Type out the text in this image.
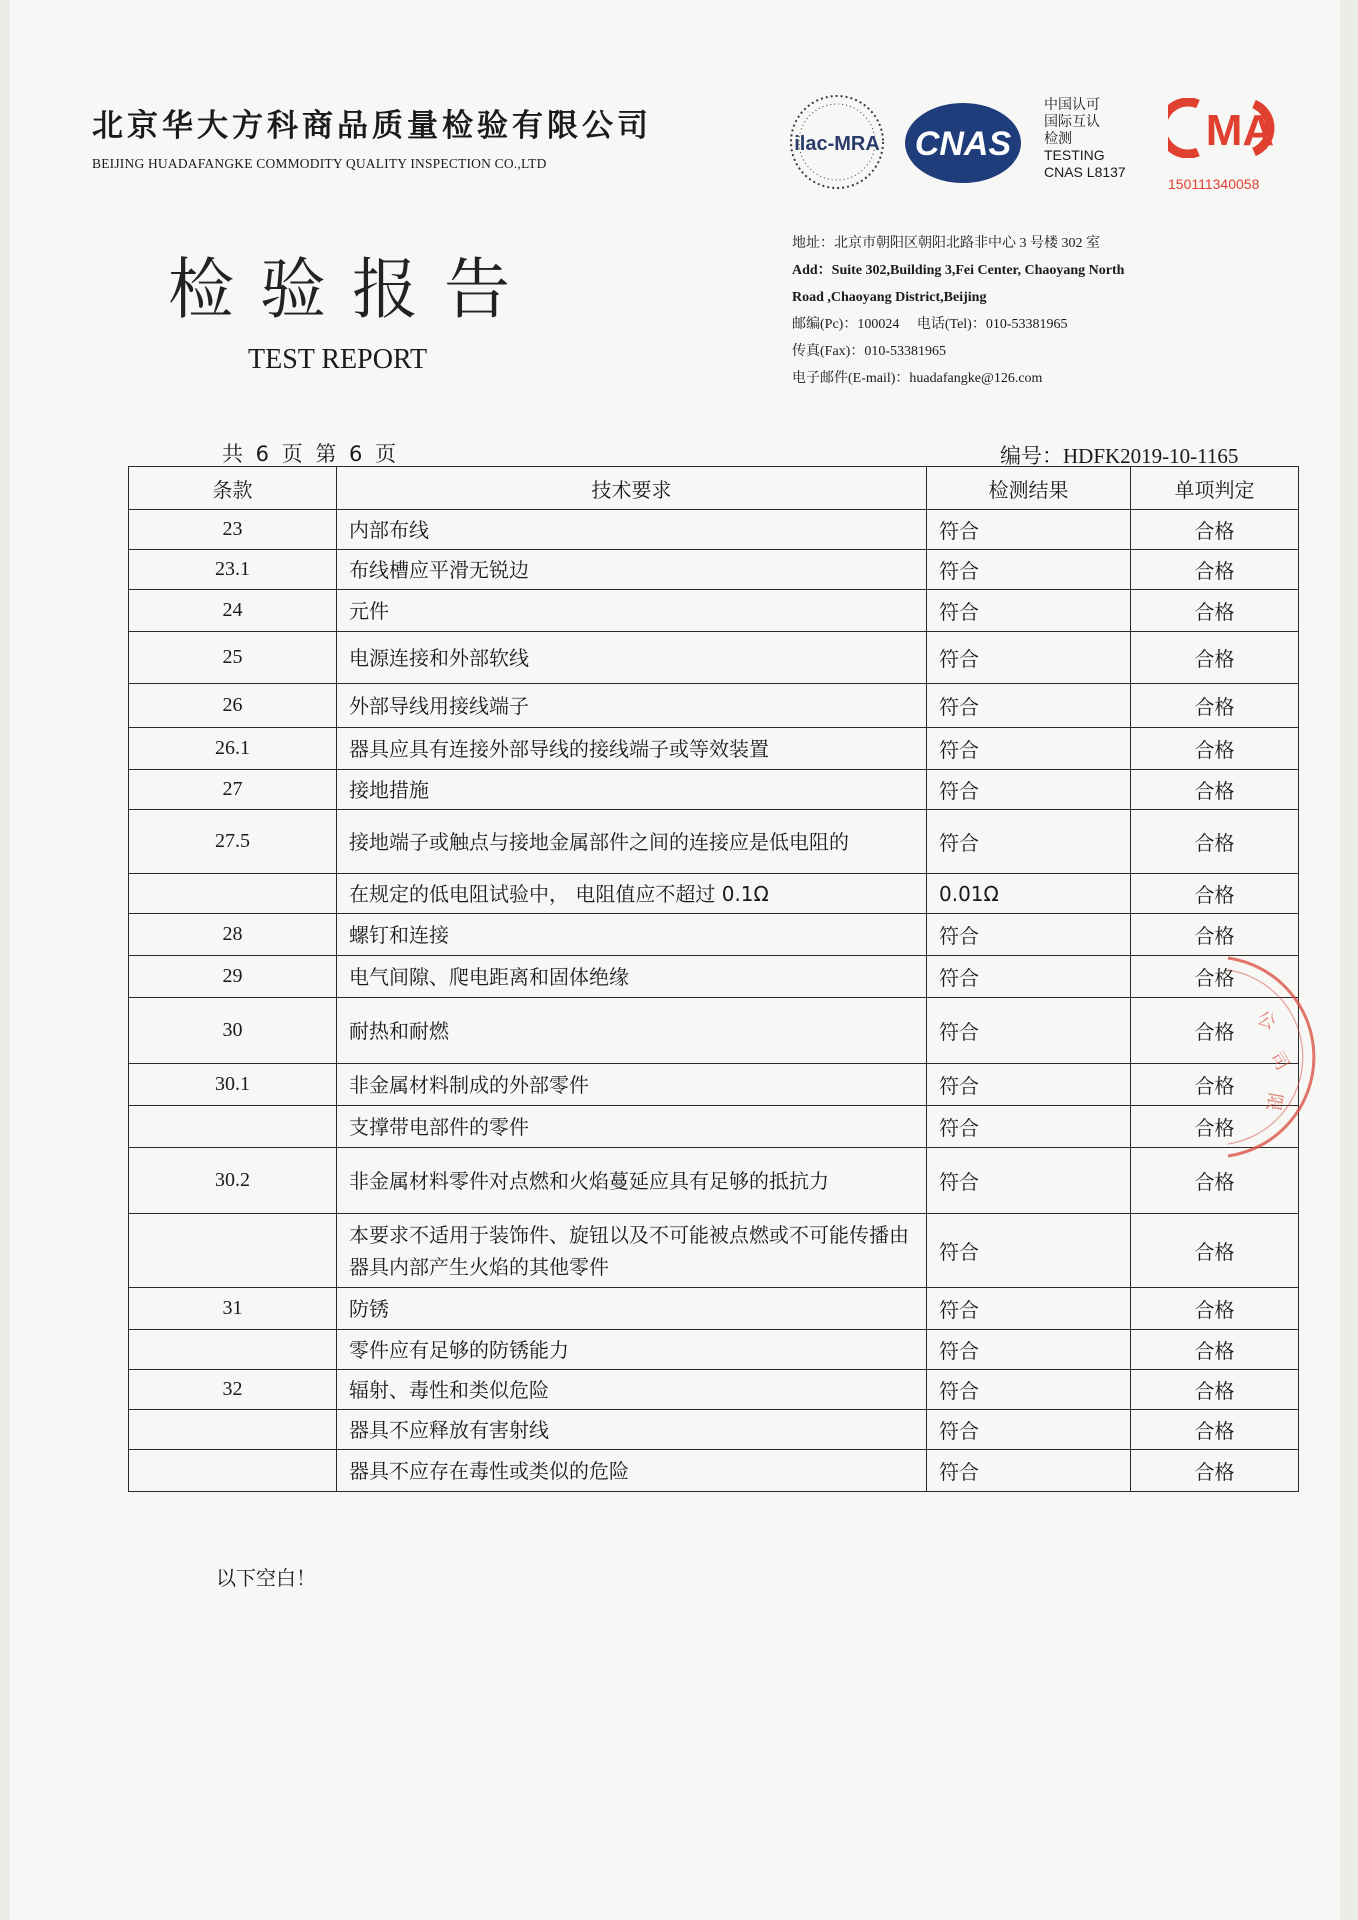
北京华大方科商品质量检验有限公司
BEIJING HUADAFANGKE COMMODITY QUALITY INSPECTION CO.,LTD
检验报告
TEST REPORT
ilac-MRA CNAS
中国认可
国际互认
检测
TESTING
CNAS L8137
MA
150111340058
地址：北京市朝阳区朝阳北路非中心 3 号楼 302 室
Add：Suite 302,Building 3,Fei Center, Chaoyang North
Road ,Chaoyang District,Beijing
邮编(Pc)：100024 电话(Tel)：010-53381965
传真(Fax)：010-53381965
电子邮件(E-mail)：huadafangke@126.com
共 6 页 第 6 页	编号：HDFK2019-10-1165
条款	技术要求	检测结果	单项判定
23	内部布线	符合	合格
23.1	布线槽应平滑无锐边	符合	合格
24	元件	符合	合格
25	电源连接和外部软线	符合	合格
26	外部导线用接线端子	符合	合格
26.1	器具应具有连接外部导线的接线端子或等效装置	符合	合格
27	接地措施	符合	合格
27.5	接地端子或触点与接地金属部件之间的连接应是低电阻的	符合	合格
	在规定的低电阻试验中， 电阻值应不超过 0.1Ω	0.01Ω	合格
28	螺钉和连接	符合	合格
29	电气间隙、爬电距离和固体绝缘	符合	合格
30	耐热和耐燃	符合	合格
30.1	非金属材料制成的外部零件	符合	合格
	支撑带电部件的零件	符合	合格
30.2	非金属材料零件对点燃和火焰蔓延应具有足够的抵抗力	符合	合格
	本要求不适用于装饰件、旋钮以及不可能被点燃或不可能传播由器具内部产生火焰的其他零件	符合	合格
31	防锈	符合	合格
	零件应有足够的防锈能力	符合	合格
32	辐射、毒性和类似危险	符合	合格
	器具不应释放有害射线	符合	合格
	器具不应存在毒性或类似的危险	符合	合格
公
司
限
以下空白！
